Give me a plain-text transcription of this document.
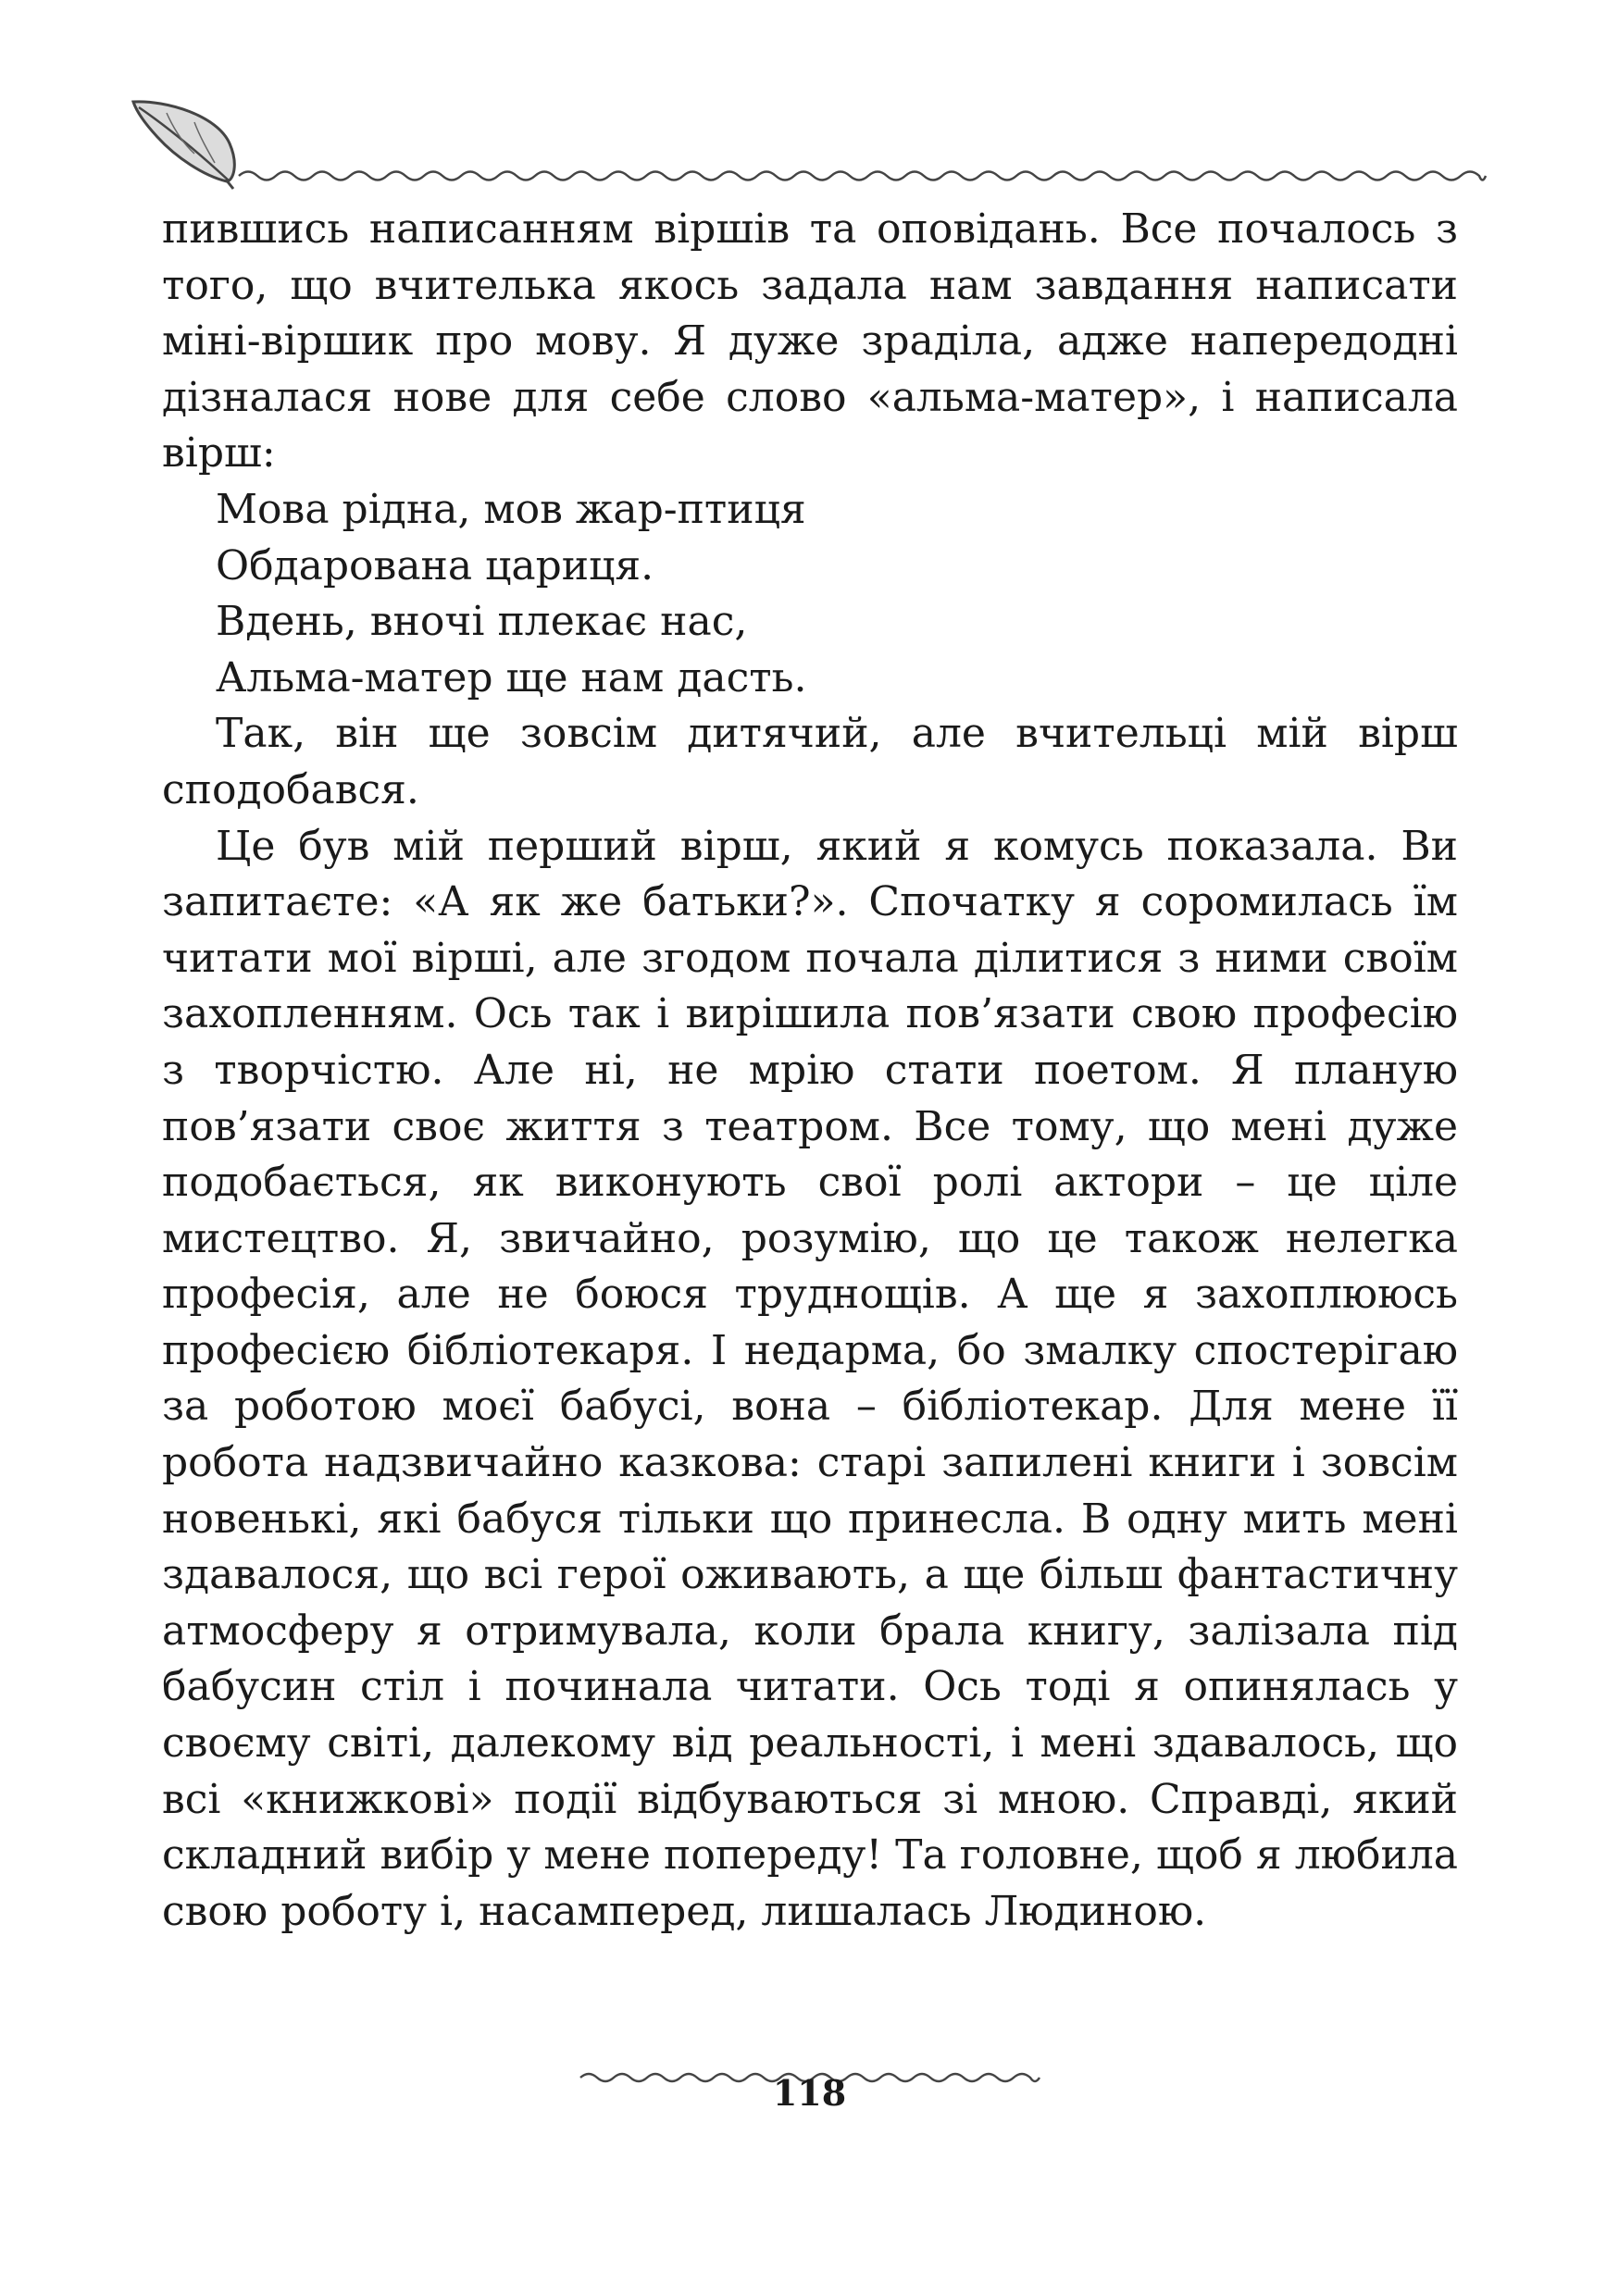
пившись написанням віршів та оповідань. Все почалось з того, що вчителька якось задала нам завдання написати міні-віршик про мову. Я дуже зраділа, адже напередодні дізналася нове для себе слово «альма-матер», і написала вірш:

Мова рідна, мов жар-птиця
Обдарована цариця.
Вдень, вночі плекає нас,
Альма-матер ще нам дасть.

Так, він ще зовсім дитячий, але вчительці мій вірш сподобався.

Це був мій перший вірш, який я комусь показала. Ви запитаєте: «А як же батьки?». Спочатку я соромилась їм читати мої вірші, але згодом почала ділитися з ними своїм захопленням. Ось так і вирішила пов’язати свою професію з творчістю. Але ні, не мрію стати поетом. Я планую пов’язати своє життя з театром. Все тому, що мені дуже подобається, як виконують свої ролі актори – це ціле мистецтво. Я, звичайно, розумію, що це також нелегка професія, але не боюся труднощів. А ще я захоплююсь професією бібліотекаря. І недарма, бо змалку спостерігаю за роботою моєї бабусі, вона – бібліотекар. Для мене її робота надзвичайно казкова: старі запилені книги і зовсім новенькі, які бабуся тільки що принесла. В одну мить мені здавалося, що всі герої оживають, а ще більш фантастичну атмосферу я отримувала, коли брала книгу, залізала під бабусин стіл і починала читати. Ось тоді я опинялась у своєму світі, далекому від реальності, і мені здавалось, що всі «книжкові» події відбуваються зі мною. Справді, який складний вибір у мене попереду! Та головне, щоб я любила свою роботу і, насамперед, лишалась Людиною.

118
